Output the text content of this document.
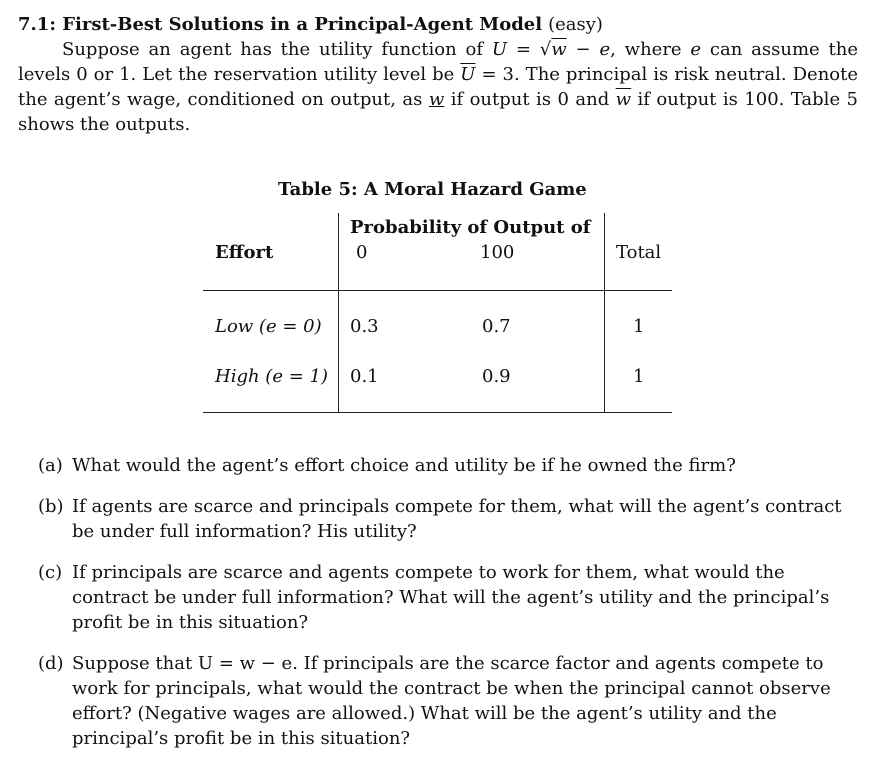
7.1: First-Best Solutions in a Principal-Agent Model (easy)

Suppose an agent has the utility function of U = √w − e, where e can assume the levels 0 or 1. Let the reservation utility level be $\overline{U} = 3$. The principal is risk neutral. Denote the agent’s wage, conditioned on output, as w if output is 0 and $\overline{w}$ if output is 100. Table 5 shows the outputs.

Table 5: A Moral Hazard Game
Probability of Output of
Effort	0	100	Total
Low (e = 0) 0.3	0.7	1
High (e = 1) 0.1	0.9	1
(a) What would the agent’s effort choice and utility be if he owned the firm?
(b) If agents are scarce and principals compete for them, what will the agent’s contract be under full information? His utility?
(c) If principals are scarce and agents compete to work for them, what would the contract be under full information? What will the agent’s utility and the principal’s profit be in this situation?
(d) Suppose that U = w − e. If principals are the scarce factor and agents compete to work for principals, what would the contract be when the principal cannot observe effort? (Negative wages are allowed.) What will be the agent’s utility and the principal’s profit be in this situation?
